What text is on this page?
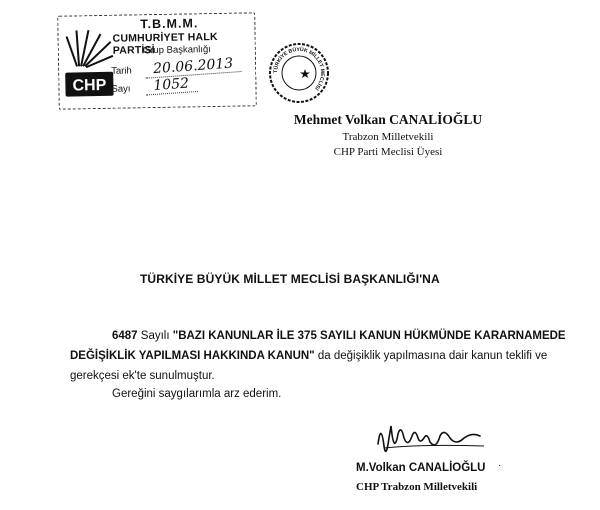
CHP
T.B.M.M.
CUMHURİYET HALK PARTİSİ
Grup Başkanlığı
Tarih	20.06.2013
Sayı	1052
TÜRKİYE BÜYÜK MİLLET MECLİSİ
Mehmet Volkan CANALİOĞLU
Trabzon Milletvekili
CHP Parti Meclisi Üyesi
TÜRKİYE BÜYÜK MİLLET MECLİSİ BAŞKANLIĞI'NA
6487 Sayılı "BAZI KANUNLAR İLE 375 SAYILI KANUN HÜKMÜNDE KARARNAMEDE DEĞİŞİKLİK YAPILMASI HAKKINDA KANUN" da değişiklik yapılmasına dair kanun teklifi ve gerekçesi ek'te sunulmuştur.
Gereğini saygılarımla arz ederim.
M.Volkan CANALİOĞLU
CHP Trabzon Milletvekili
·
